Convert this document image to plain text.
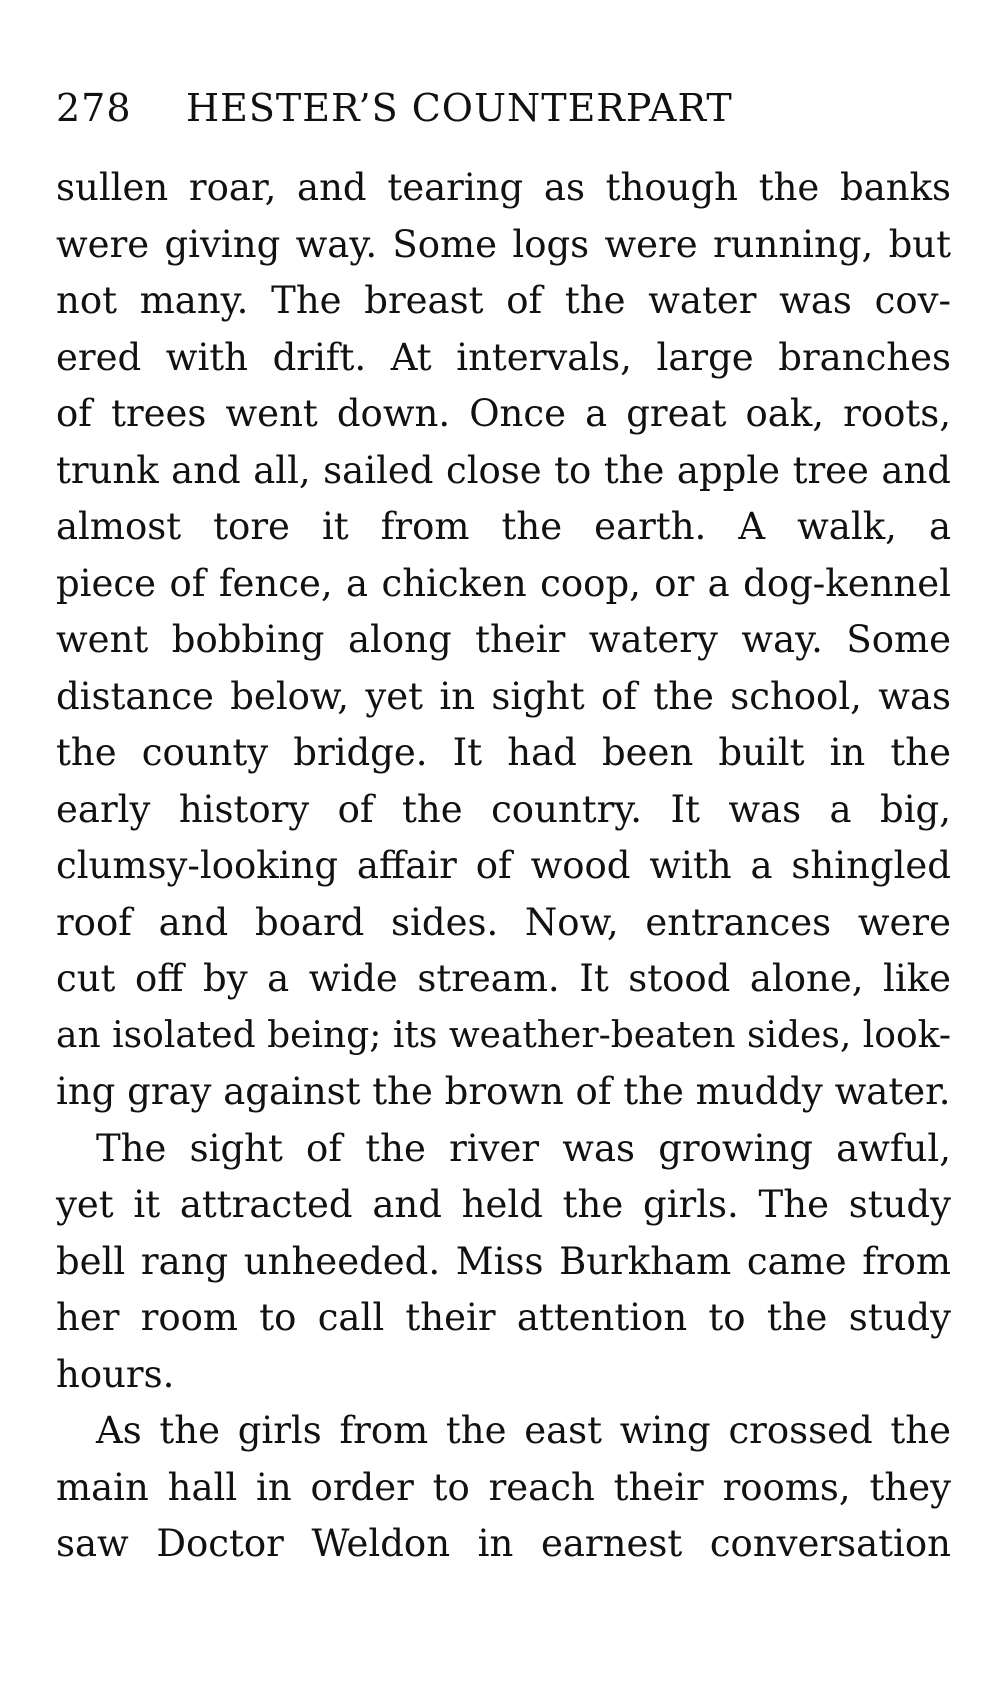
278 HESTER’S COUNTERPART
sullen roar, and tearing as though the banks
were giving way. Some logs were running, but
not many. The breast of the water was cov-
ered with drift. At intervals, large branches
of trees went down. Once a great oak, roots,
trunk and all, sailed close to the apple tree and
almost tore it from the earth. A walk, a
piece of fence, a chicken coop, or a dog-kennel
went bobbing along their watery way. Some
distance below, yet in sight of the school, was
the county bridge. It had been built in the
early history of the country. It was a big,
clumsy-looking affair of wood with a shingled
roof and board sides. Now, entrances were
cut off by a wide stream. It stood alone, like
an isolated being; its weather-beaten sides, look-
ing gray against the brown of the muddy water.
The sight of the river was growing awful,
yet it attracted and held the girls. The study
bell rang unheeded. Miss Burkham came from
her room to call their attention to the study
hours.
As the girls from the east wing crossed the
main hall in order to reach their rooms, they
saw Doctor Weldon in earnest conversation
